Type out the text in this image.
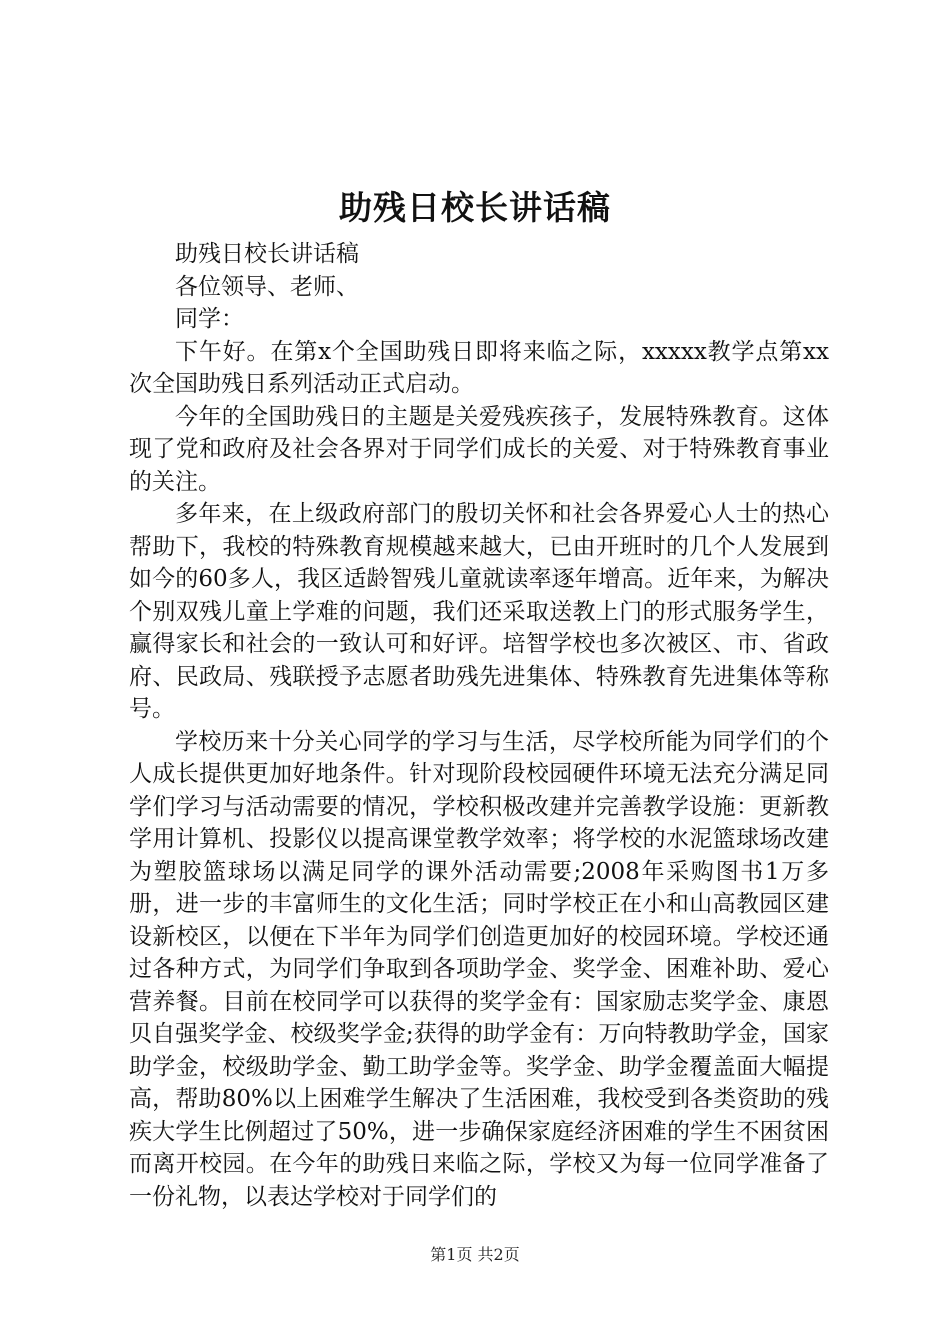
助残日校长讲话稿

助残日校长讲话稿

各位领导、老师、

同学：

下午好。在第x个全国助残日即将来临之际，xxxxx教学点第xx次全国助残日系列活动正式启动。

今年的全国助残日的主题是关爱残疾孩子，发展特殊教育。这体现了党和政府及社会各界对于同学们成长的关爱、对于特殊教育事业的关注。

多年来，在上级政府部门的殷切关怀和社会各界爱心人士的热心帮助下，我校的特殊教育规模越来越大，已由开班时的几个人发展到如今的60多人，我区适龄智残儿童就读率逐年增高。近年来，为解决个别双残儿童上学难的问题，我们还采取送教上门的形式服务学生，赢得家长和社会的一致认可和好评。培智学校也多次被区、市、省政府、民政局、残联授予志愿者助残先进集体、特殊教育先进集体等称号。

学校历来十分关心同学的学习与生活，尽学校所能为同学们的个人成长提供更加好地条件。针对现阶段校园硬件环境无法充分满足同学们学习与活动需要的情况，学校积极改建并完善教学设施：更新教学用计算机、投影仪以提高课堂教学效率；将学校的水泥篮球场改建为塑胶篮球场以满足同学的课外活动需要;2008年采购图书1万多册，进一步的丰富师生的文化生活；同时学校正在小和山高教园区建设新校区，以便在下半年为同学们创造更加好的校园环境。学校还通过各种方式，为同学们争取到各项助学金、奖学金、困难补助、爱心营养餐。目前在校同学可以获得的奖学金有：国家励志奖学金、康恩贝自强奖学金、校级奖学金;获得的助学金有：万向特教助学金，国家助学金，校级助学金、勤工助学金等。奖学金、助学金覆盖面大幅提高，帮助80%以上困难学生解决了生活困难，我校受到各类资助的残疾大学生比例超过了50%，进一步确保家庭经济困难的学生不困贫困而离开校园。在今年的助残日来临之际，学校又为每一位同学准备了一份礼物，以表达学校对于同学们的

第1页 共2页
